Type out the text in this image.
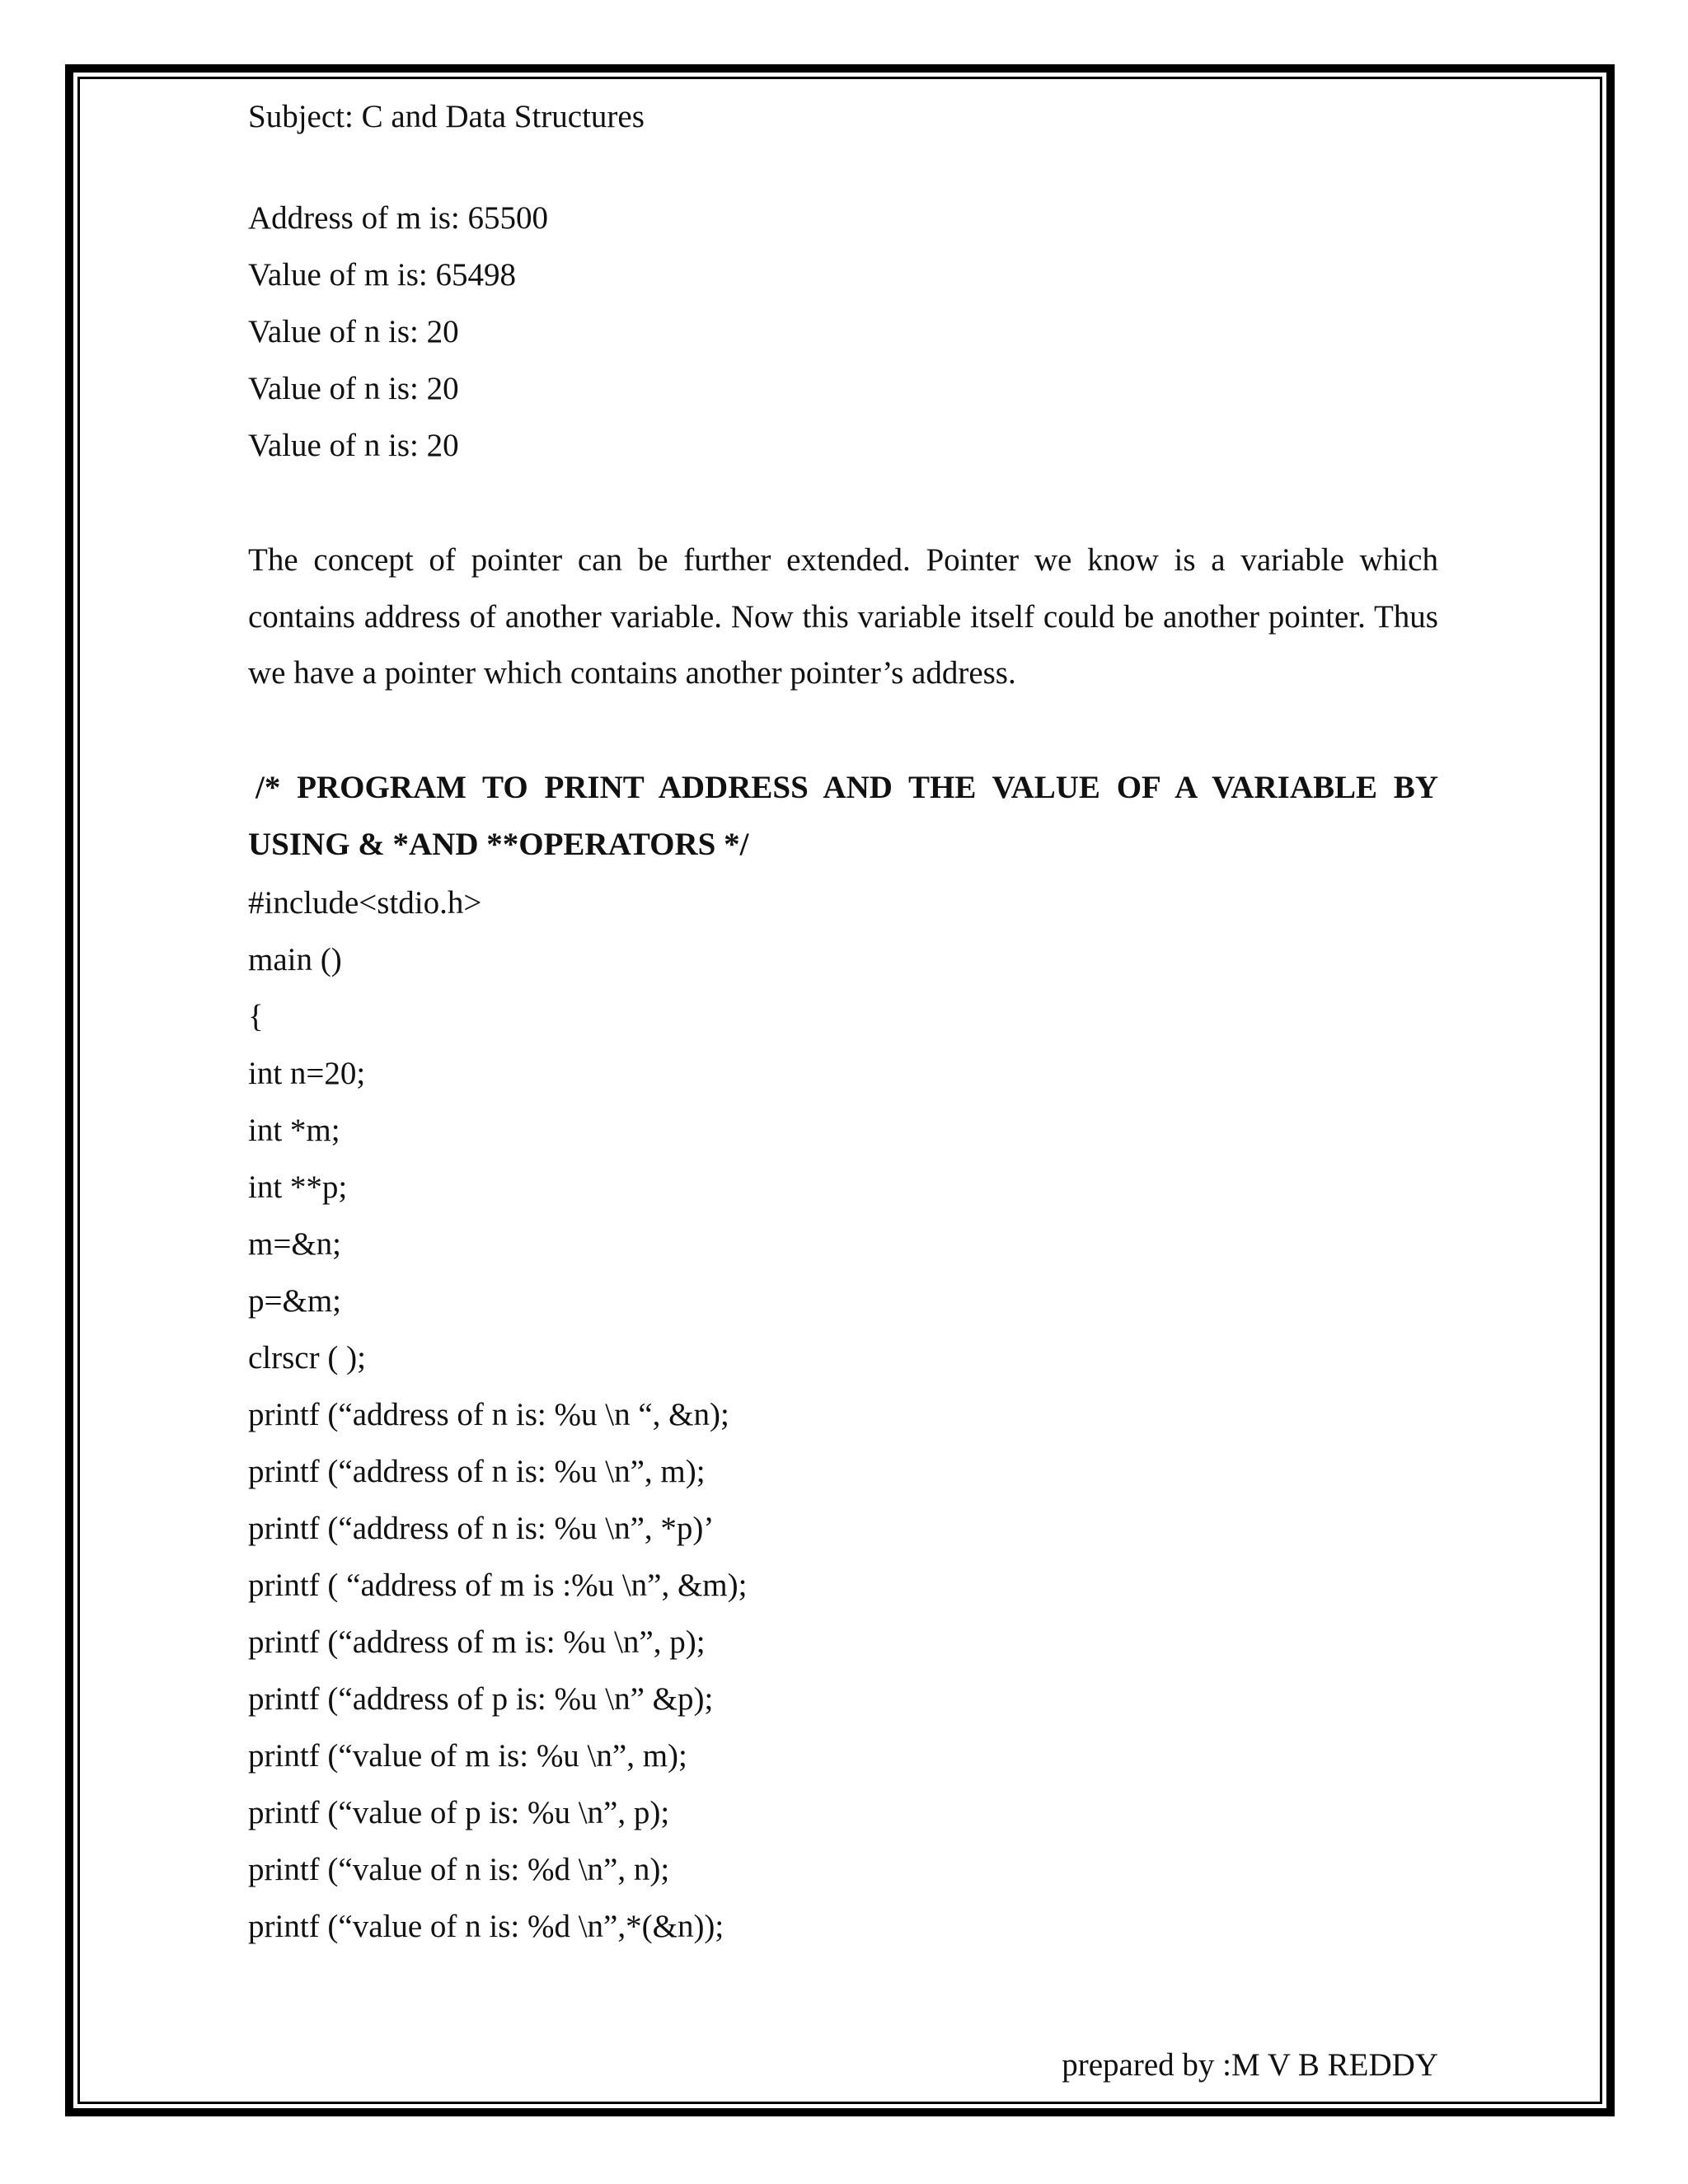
Subject: C and Data Structures
Address of m is: 65500
Value of m is: 65498
Value of n is: 20
Value of n is: 20
Value of n is: 20
The concept of pointer can be further extended. Pointer we know is a variable which contains address of another variable. Now this variable itself could be another pointer. Thus we have a pointer which contains another pointer’s address.
/* PROGRAM TO PRINT ADDRESS AND THE VALUE OF A VARIABLE BY USING & *AND **OPERATORS */
#include<stdio.h>
main ()
{
int n=20;
int *m;
int **p;
m=&n;
p=&m;
clrscr ( );
printf (“address of n is: %u \n “, &n);
printf (“address of n is: %u \n”, m);
printf (“address of n is: %u \n”, *p)’
printf ( “address of m is :%u \n”, &m);
printf (“address of m is: %u \n”, p);
printf (“address of p is: %u \n” &p);
printf (“value of m is: %u \n”, m);
printf (“value of p is: %u \n”, p);
printf (“value of n is: %d \n”, n);
printf (“value of n is: %d \n”,*(&n));
prepared by :M V B REDDY
